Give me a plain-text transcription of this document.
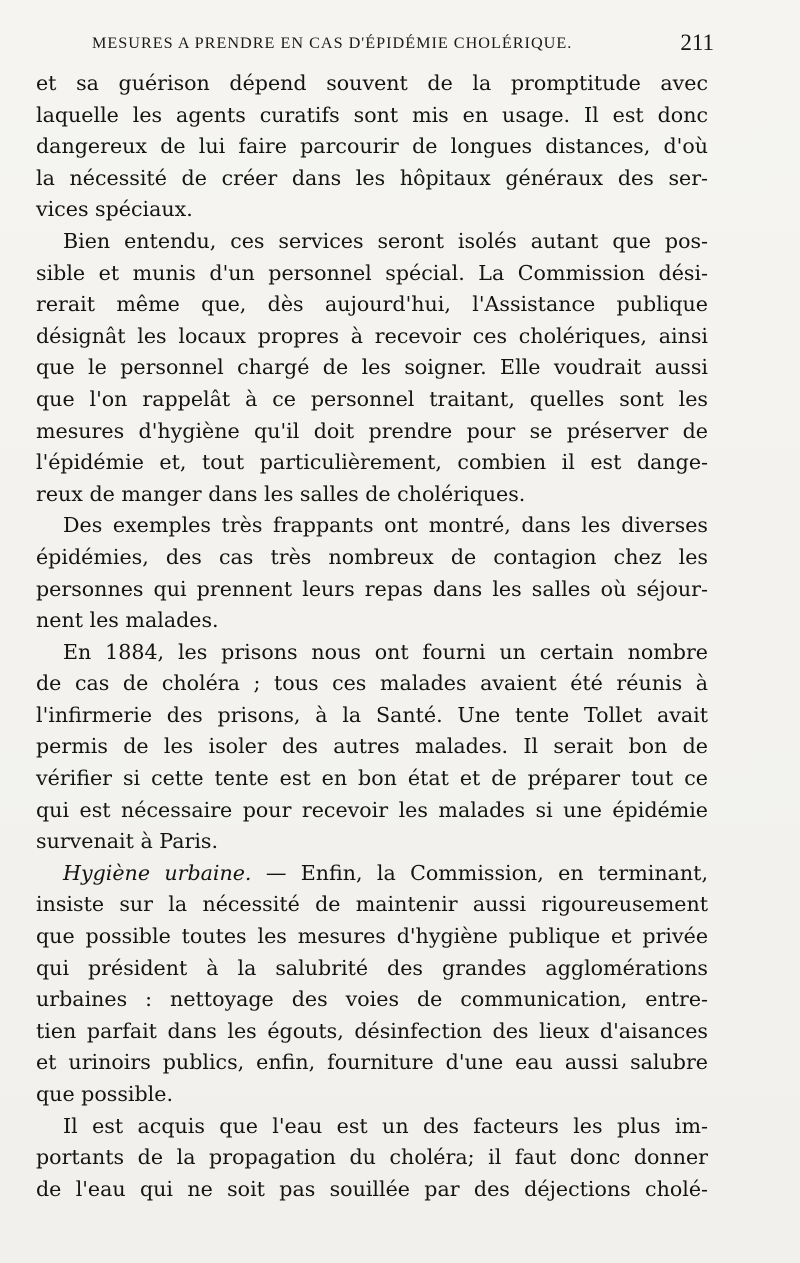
MESURES A PRENDRE EN CAS D'ÉPIDÉMIE CHOLÉRIQUE.	211
et sa guérison dépend souvent de la promptitude avec
laquelle les agents curatifs sont mis en usage. Il est donc
dangereux de lui faire parcourir de longues distances, d'où
la nécessité de créer dans les hôpitaux généraux des ser-
vices spéciaux.
Bien entendu, ces services seront isolés autant que pos-
sible et munis d'un personnel spécial. La Commission dési-
rerait même que, dès aujourd'hui, l'Assistance publique
désignât les locaux propres à recevoir ces cholériques, ainsi
que le personnel chargé de les soigner. Elle voudrait aussi
que l'on rappelât à ce personnel traitant, quelles sont les
mesures d'hygiène qu'il doit prendre pour se préserver de
l'épidémie et, tout particulièrement, combien il est dange-
reux de manger dans les salles de cholériques.
Des exemples très frappants ont montré, dans les diverses
épidémies, des cas très nombreux de contagion chez les
personnes qui prennent leurs repas dans les salles où séjour-
nent les malades.
En 1884, les prisons nous ont fourni un certain nombre
de cas de choléra ; tous ces malades avaient été réunis à
l'infirmerie des prisons, à la Santé. Une tente Tollet avait
permis de les isoler des autres malades. Il serait bon de
vérifier si cette tente est en bon état et de préparer tout ce
qui est nécessaire pour recevoir les malades si une épidémie
survenait à Paris.
Hygiène urbaine. — Enfin, la Commission, en terminant,
insiste sur la nécessité de maintenir aussi rigoureusement
que possible toutes les mesures d'hygiène publique et privée
qui président à la salubrité des grandes agglomérations
urbaines : nettoyage des voies de communication, entre-
tien parfait dans les égouts, désinfection des lieux d'aisances
et urinoirs publics, enfin, fourniture d'une eau aussi salubre
que possible.
Il est acquis que l'eau est un des facteurs les plus im-
portants de la propagation du choléra; il faut donc donner
de l'eau qui ne soit pas souillée par des déjections cholé-
